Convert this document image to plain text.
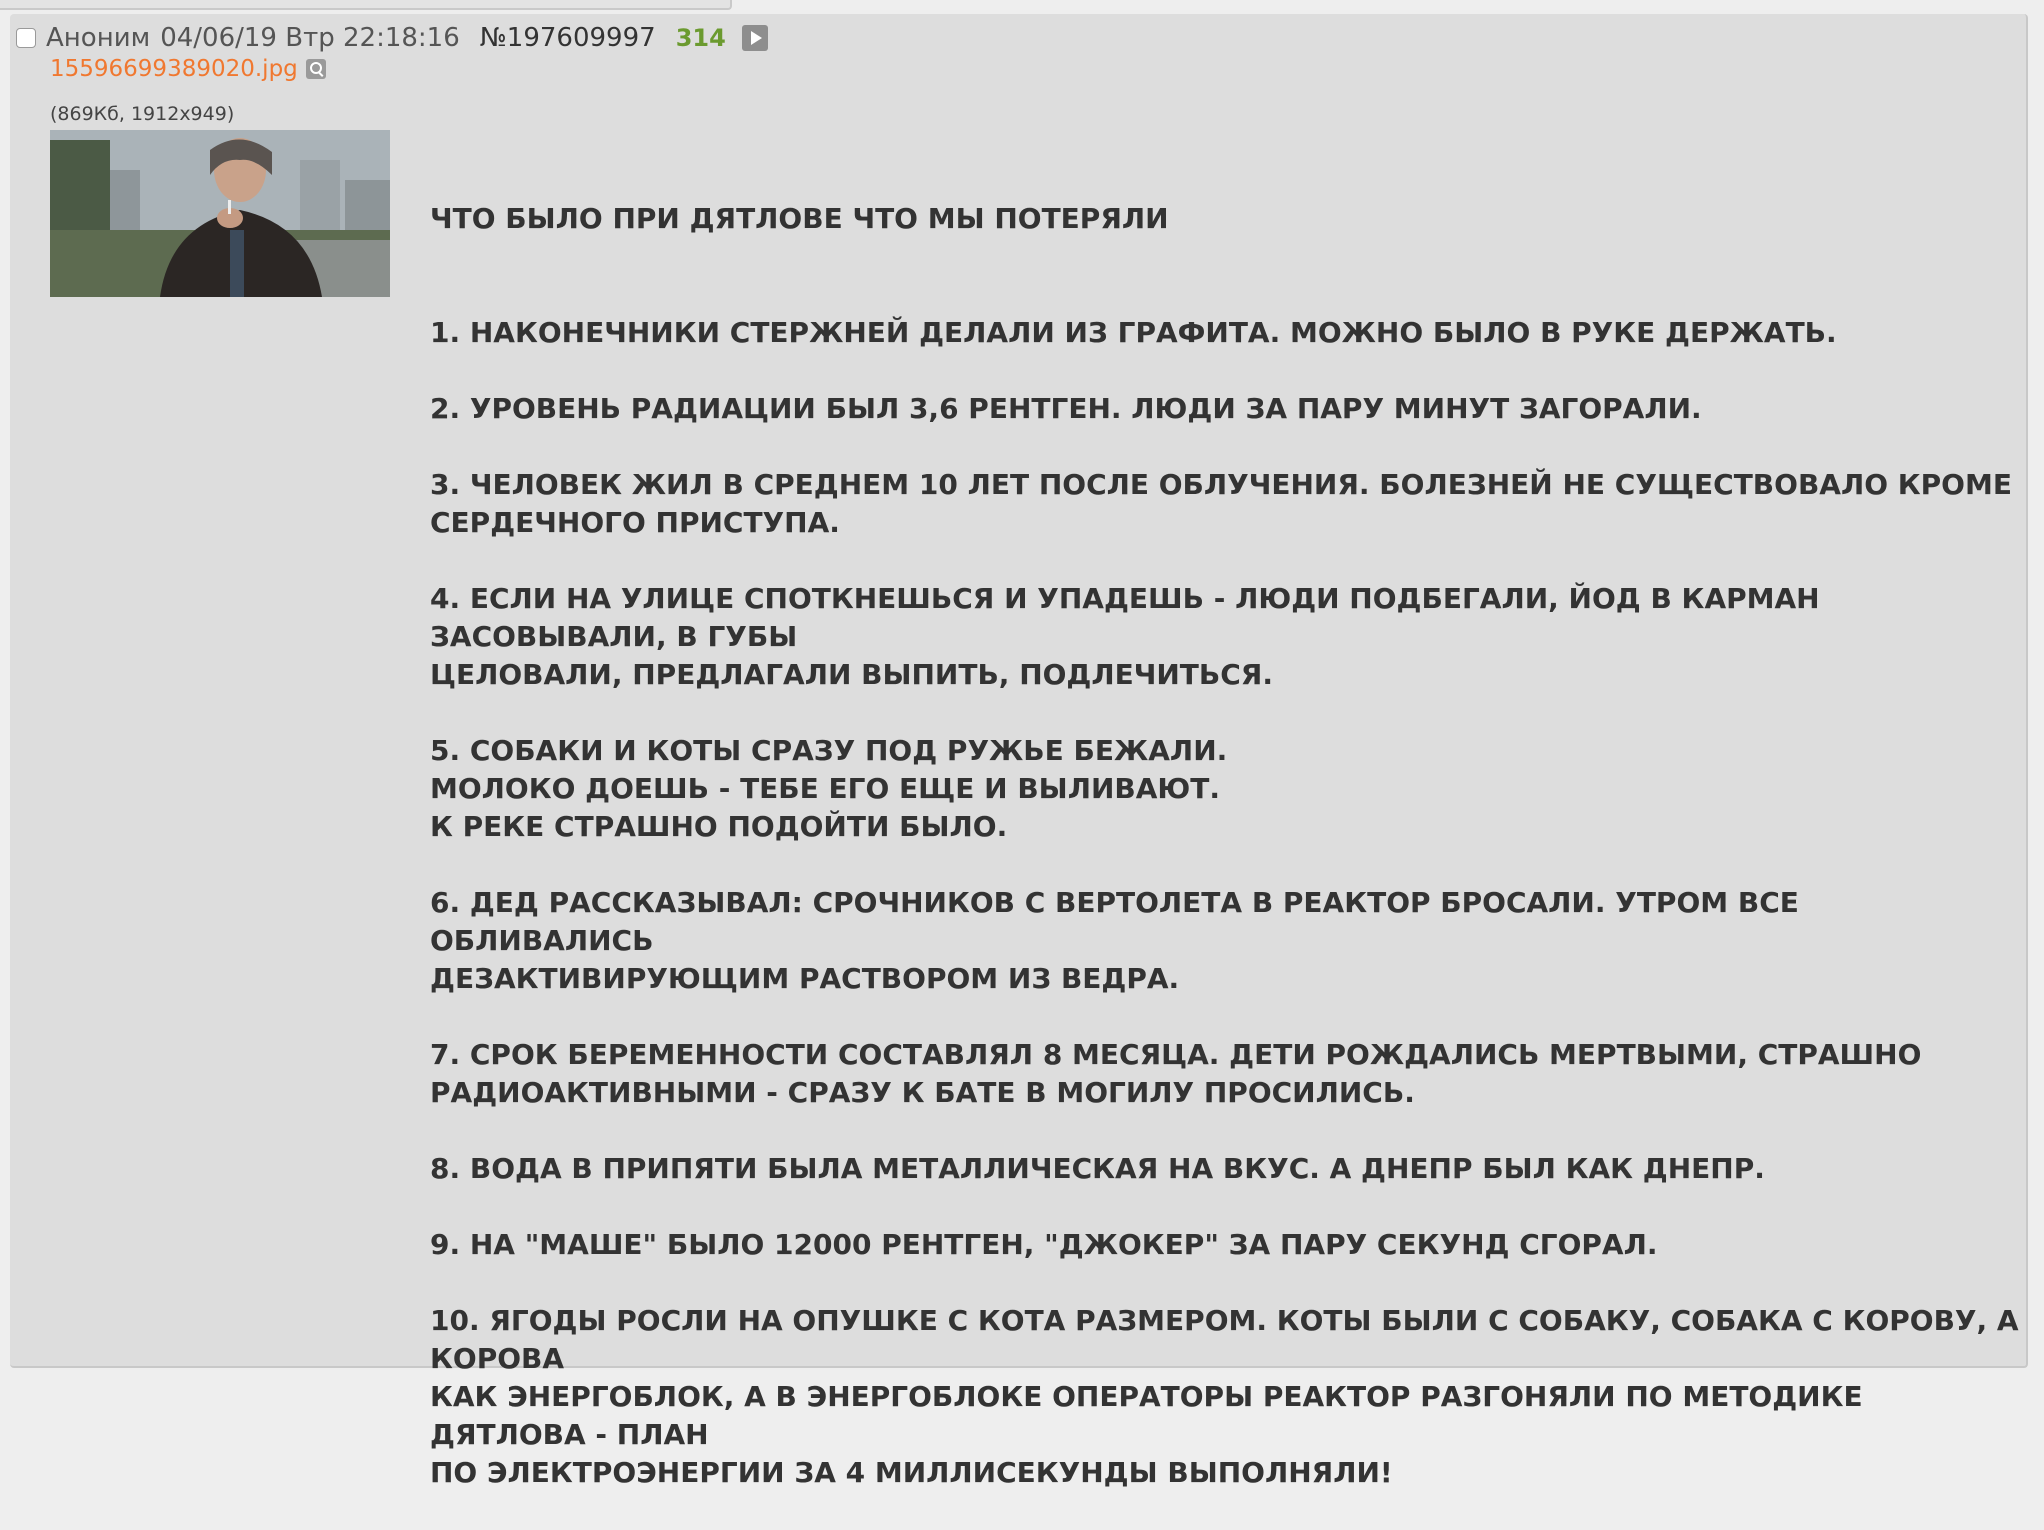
Аноним 04/06/19 Втр 22:18:16 №197609997 314
15596699389020.jpg
(869Кб, 1912x949)

ЧТО БЫЛО ПРИ ДЯТЛОВЕ ЧТО МЫ ПОТЕРЯЛИ

1. НАКОНЕЧНИКИ СТЕРЖНЕЙ ДЕЛАЛИ ИЗ ГРАФИТА. МОЖНО БЫЛО В РУКЕ ДЕРЖАТЬ.

2. УРОВЕНЬ РАДИАЦИИ БЫЛ 3,6 РЕНТГЕН. ЛЮДИ ЗА ПАРУ МИНУТ ЗАГОРАЛИ.

3. ЧЕЛОВЕК ЖИЛ В СРЕДНЕМ 10 ЛЕТ ПОСЛЕ ОБЛУЧЕНИЯ. БОЛЕЗНЕЙ НЕ СУЩЕСТВОВАЛО КРОМЕ
СЕРДЕЧНОГО ПРИСТУПА.

4. ЕСЛИ НА УЛИЦЕ СПОТКНЕШЬСЯ И УПАДЕШЬ - ЛЮДИ ПОДБЕГАЛИ, ЙОД В КАРМАН ЗАСОВЫВАЛИ, В ГУБЫ
ЦЕЛОВАЛИ, ПРЕДЛАГАЛИ ВЫПИТЬ, ПОДЛЕЧИТЬСЯ.

5. СОБАКИ И КОТЫ СРАЗУ ПОД РУЖЬЕ БЕЖАЛИ.
МОЛОКО ДОЕШЬ - ТЕБЕ ЕГО ЕЩЕ И ВЫЛИВАЮТ.
К РЕКЕ СТРАШНО ПОДОЙТИ БЫЛО.

6. ДЕД РАССКАЗЫВАЛ: СРОЧНИКОВ С ВЕРТОЛЕТА В РЕАКТОР БРОСАЛИ. УТРОМ ВСЕ ОБЛИВАЛИСЬ
ДЕЗАКТИВИРУЮЩИМ РАСТВОРОМ ИЗ ВЕДРА.

7. СРОК БЕРЕМЕННОСТИ СОСТАВЛЯЛ 8 МЕСЯЦА. ДЕТИ РОЖДАЛИСЬ МЕРТВЫМИ, СТРАШНО
РАДИОАКТИВНЫМИ - СРАЗУ К БАТЕ В МОГИЛУ ПРОСИЛИСЬ.

8. ВОДА В ПРИПЯТИ БЫЛА МЕТАЛЛИЧЕСКАЯ НА ВКУС. А ДНЕПР БЫЛ КАК ДНЕПР.

9. НА "МАШЕ" БЫЛО 12000 РЕНТГЕН, "ДЖОКЕР" ЗА ПАРУ СЕКУНД СГОРАЛ.

10. ЯГОДЫ РОСЛИ НА ОПУШКЕ С КОТА РАЗМЕРОМ. КОТЫ БЫЛИ С СОБАКУ, СОБАКА С КОРОВУ, А КОРОВА
КАК ЭНЕРГОБЛОК, А В ЭНЕРГОБЛОКЕ ОПЕРАТОРЫ РЕАКТОР РАЗГОНЯЛИ ПО МЕТОДИКЕ ДЯТЛОВА - ПЛАН
ПО ЭЛЕКТРОЭНЕРГИИ ЗА 4 МИЛЛИСЕКУНДЫ ВЫПОЛНЯЛИ!
